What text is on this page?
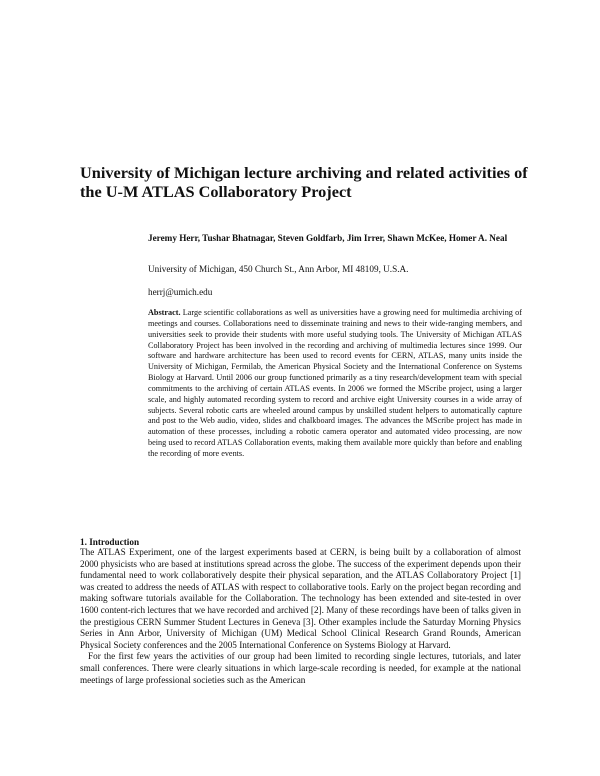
University of Michigan lecture archiving and related activities of the U-M ATLAS Collaboratory Project
Jeremy Herr, Tushar Bhatnagar, Steven Goldfarb, Jim Irrer, Shawn McKee, Homer A. Neal
University of Michigan, 450 Church St., Ann Arbor, MI 48109, U.S.A.
herrj@umich.edu
Abstract. Large scientific collaborations as well as universities have a growing need for multimedia archiving of meetings and courses. Collaborations need to disseminate training and news to their wide-ranging members, and universities seek to provide their students with more useful studying tools. The University of Michigan ATLAS Collaboratory Project has been involved in the recording and archiving of multimedia lectures since 1999. Our software and hardware architecture has been used to record events for CERN, ATLAS, many units inside the University of Michigan, Fermilab, the American Physical Society and the International Conference on Systems Biology at Harvard. Until 2006 our group functioned primarily as a tiny research/development team with special commitments to the archiving of certain ATLAS events. In 2006 we formed the MScribe project, using a larger scale, and highly automated recording system to record and archive eight University courses in a wide array of subjects. Several robotic carts are wheeled around campus by unskilled student helpers to automatically capture and post to the Web audio, video, slides and chalkboard images. The advances the MScribe project has made in automation of these processes, including a robotic camera operator and automated video processing, are now being used to record ATLAS Collaboration events, making them available more quickly than before and enabling the recording of more events.
1. Introduction

The ATLAS Experiment, one of the largest experiments based at CERN, is being built by a collaboration of almost 2000 physicists who are based at institutions spread across the globe. The success of the experiment depends upon their fundamental need to work collaboratively despite their physical separation, and the ATLAS Collaboratory Project [1] was created to address the needs of ATLAS with respect to collaborative tools. Early on the project began recording and making software tutorials available for the Collaboration. The technology has been extended and site-tested in over 1600 content-rich lectures that we have recorded and archived [2]. Many of these recordings have been of talks given in the prestigious CERN Summer Student Lectures in Geneva [3]. Other examples include the Saturday Morning Physics Series in Ann Arbor, University of Michigan (UM) Medical School Clinical Research Grand Rounds, American Physical Society conferences and the 2005 International Conference on Systems Biology at Harvard.

For the first few years the activities of our group had been limited to recording single lectures, tutorials, and later small conferences. There were clearly situations in which large-scale recording is needed, for example at the national meetings of large professional societies such as the American
